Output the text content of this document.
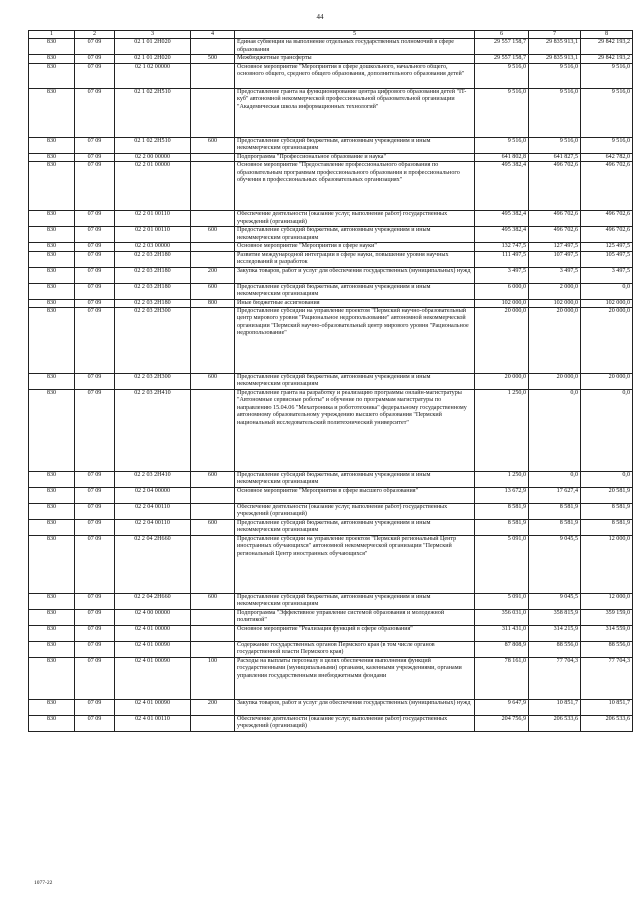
44
1	2	3	4	5	6	7	8
830	07 09	02 1 01 2Н020		Единая субвенция на выполнение отдельных государственных полномочий в сфере образования	29 557 158,7	29 835 913,1	29 842 193,2
830	07 09	02 1 01 2Н020	500	Межбюджетные трансферты	29 557 158,7	29 835 913,1	29 842 193,2
830	07 09	02 1 02 00000		Основное мероприятие "Мероприятия в сфере дошкольного, начального общего, основного общего, среднего общего образования, дополнительного образования детей"	9 516,0	9 516,0	9 516,0
830	07 09	02 1 02 2Н510		Предоставление гранта на функционирование центра цифрового образования детей "IT-куб" автономной некоммерческой профессиональной образовательной организации "Академическая школа информационных технологий"	9 516,0	9 516,0	9 516,0
830	07 09	02 1 02 2Н510	600	Предоставление субсидий бюджетным, автономным учреждениям и иным некоммерческим организациям	9 516,0	9 516,0	9 516,0
830	07 09	02 2 00 00000		Подпрограмма "Профессиональное образование и наука"	641 802,8	641 827,5	642 782,0
830	07 09	02 2 01 00000		Основное мероприятие "Предоставление профессионального образования по образовательным программам профессионального образования и профессионального обучения в профессиональных образовательных организациях"	495 382,4	496 702,6	496 702,6
830	07 09	02 2 01 00110		Обеспечение деятельности (оказание услуг, выполнение работ) государственных учреждений (организаций)	495 382,4	496 702,6	496 702,6
830	07 09	02 2 01 00110	600	Предоставление субсидий бюджетным, автономным учреждениям и иным некоммерческим организациям	495 382,4	496 702,6	496 702,6
830	07 09	02 2 03 00000		Основное мероприятие "Мероприятия в сфере науки"	132 747,5	127 497,5	125 497,5
830	07 09	02 2 03 2Н180		Развитие международной интеграции в сфере науки, повышение уровня научных исследований и разработок	111 497,5	107 497,5	105 497,5
830	07 09	02 2 03 2Н180	200	Закупка товаров, работ и услуг для обеспечения государственных (муниципальных) нужд	3 497,5	3 497,5	3 497,5
830	07 09	02 2 03 2Н180	600	Предоставление субсидий бюджетным, автономным учреждениям и иным некоммерческим организациям	6 000,0	2 000,0	0,0
830	07 09	02 2 03 2Н180	800	Иные бюджетные ассигнования	102 000,0	102 000,0	102 000,0
830	07 09	02 2 03 2Н300		Предоставление субсидии на управление проектом "Пермский научно-образовательный центр мирового уровня "Рациональное недропользование" автономной некоммерческой организации "Пермский научно-образовательный центр мирового уровня "Рациональное недропользование"	20 000,0	20 000,0	20 000,0
830	07 09	02 2 03 2Н300	600	Предоставление субсидий бюджетным, автономным учреждениям и иным некоммерческим организациям	20 000,0	20 000,0	20 000,0
830	07 09	02 2 03 2Н410		Предоставление гранта на разработку и реализацию программы онлайн-магистратуры "Автономные сервисные роботы" и обучение по программам магистратуры по направлению 15.04.06 "Мехатроника и робототехника" федеральному государственному автономному образовательному учреждению высшего образования "Пермский национальный исследовательский политехнический университет"	1 250,0	0,0	0,0
830	07 09	02 2 03 2Н410	600	Предоставление субсидий бюджетным, автономным учреждениям и иным некоммерческим организациям	1 250,0	0,0	0,0
830	07 09	02 2 04 00000		Основное мероприятие "Мероприятия в сфере высшего образования"	13 672,9	17 627,4	20 581,9
830	07 09	02 2 04 00110		Обеспечение деятельности (оказание услуг, выполнение работ) государственных учреждений (организаций)	8 581,9	8 581,9	8 581,9
830	07 09	02 2 04 00110	600	Предоставление субсидий бюджетным, автономным учреждениям и иным некоммерческим организациям	8 581,9	8 581,9	8 581,9
830	07 09	02 2 04 2Н660		Предоставление субсидии на управление проектом "Пермский региональный Центр иностранных обучающихся" автономной некоммерческой организации "Пермский региональный Центр иностранных обучающихся"	5 091,0	9 045,5	12 000,0
830	07 09	02 2 04 2Н660	600	Предоставление субсидий бюджетным, автономным учреждениям и иным некоммерческим организациям	5 091,0	9 045,5	12 000,0
830	07 09	02 4 00 00000		Подпрограмма "Эффективное управление системой образования и молодежной политикой"	356 031,0	358 815,9	359 159,0
830	07 09	02 4 01 00000		Основное мероприятие "Реализация функций в сфере образования"	311 431,0	314 215,9	314 559,0
830	07 09	02 4 01 00090		Содержание государственных органов Пермского края (в том числе органов государственной власти Пермского края)	87 808,9	88 556,0	88 556,0
830	07 09	02 4 01 00090	100	Расходы на выплаты персоналу в целях обеспечения выполнения функций государственными (муниципальными) органами, казенными учреждениями, органами управления государственными внебюджетными фондами	78 161,0	77 704,3	77 704,3
830	07 09	02 4 01 00090	200	Закупка товаров, работ и услуг для обеспечения государственных (муниципальных) нужд	9 647,9	10 851,7	10 851,7
830	07 09	02 4 01 00110		Обеспечение деятельности (оказание услуг, выполнение работ) государственных учреждений (организаций)	204 756,9	206 533,6	206 533,6
1077-22
